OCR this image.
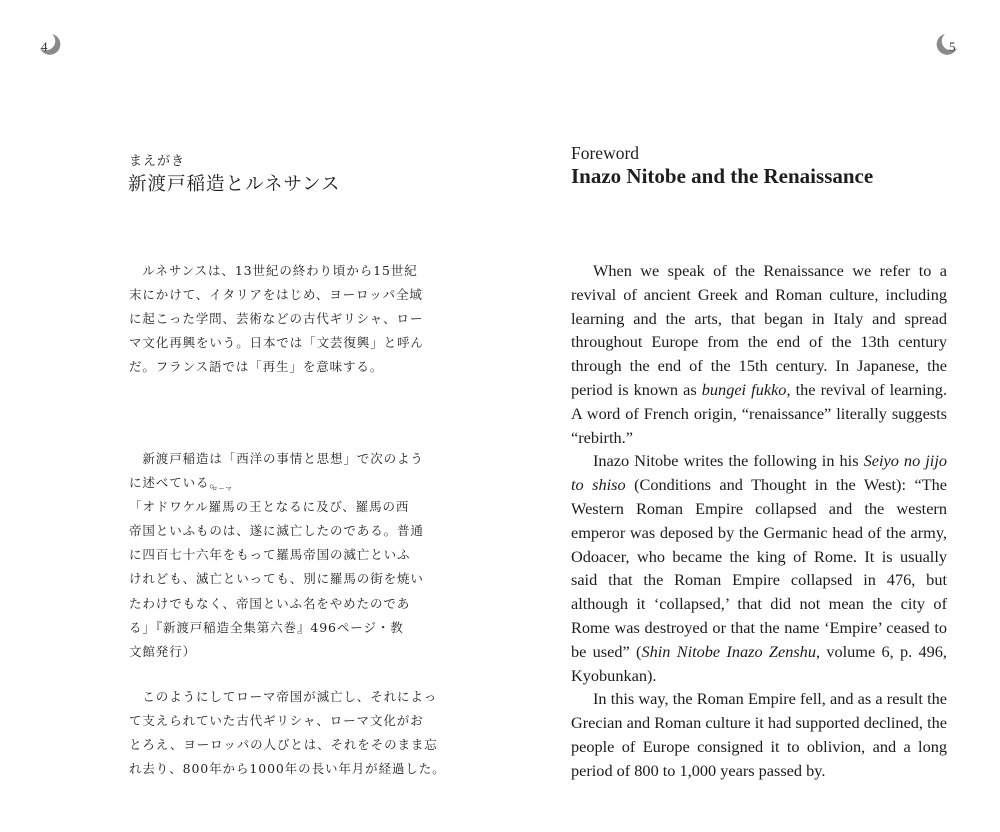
4
まえがき
新渡戸稲造とルネサンス

　ルネサンスは、13世紀の終わり頃から15世紀

末にかけて、イタリアをはじめ、ヨーロッパ全域

に起こった学問、芸術などの古代ギリシャ、ロー

マ文化再興をいう。日本では「文芸復興」と呼ん

だ。フランス語では「再生」を意味する。

　新渡戸稲造は「西洋の事情と思想」で次のよう

に述べている。

「オドワケル
ローマ
羅馬の王となるに及び、羅馬の西

帝国といふものは、遂に滅亡したのである。普通

に四百七十六年をもって羅馬帝国の滅亡といふ

けれども、滅亡といっても、別に羅馬の街を焼い

たわけでもなく、帝国といふ名をやめたのであ

る」『新渡戸稲造全集第六巻』496ページ・教

文館発行）

　このようにしてローマ帝国が滅亡し、それによっ

て支えられていた古代ギリシャ、ローマ文化がお

とろえ、ヨーロッパの人びとは、それをそのまま忘

れ去り、800年から1000年の長い年月が経過した。

5
Foreword
Inazo Nitobe and the Renaissance

When we speak of the Renaissance we refer to a revival of ancient Greek and Roman culture, including learning and the arts, that began in Italy and spread throughout Europe from the end of the 13th century through the end of the 15th century. In Japanese, the period is known as bungei fukko, the revival of learning. A word of French origin, “renaissance” literally suggests “rebirth.”

Inazo Nitobe writes the following in his Seiyo no jijo to shiso (Conditions and Thought in the West): “The Western Roman Empire collapsed and the western emperor was deposed by the Germanic head of the army, Odoacer, who became the king of Rome. It is usually said that the Roman Empire collapsed in 476, but although it ‘collapsed,’ that did not mean the city of Rome was destroyed or that the name ‘Empire’ ceased to be used” (Shin Nitobe Inazo Zenshu, volume 6, p. 496, Kyobunkan).

In this way, the Roman Empire fell, and as a result the Grecian and Roman culture it had supported declined, the people of Europe consigned it to oblivion, and a long period of 800 to 1,000 years passed by.
